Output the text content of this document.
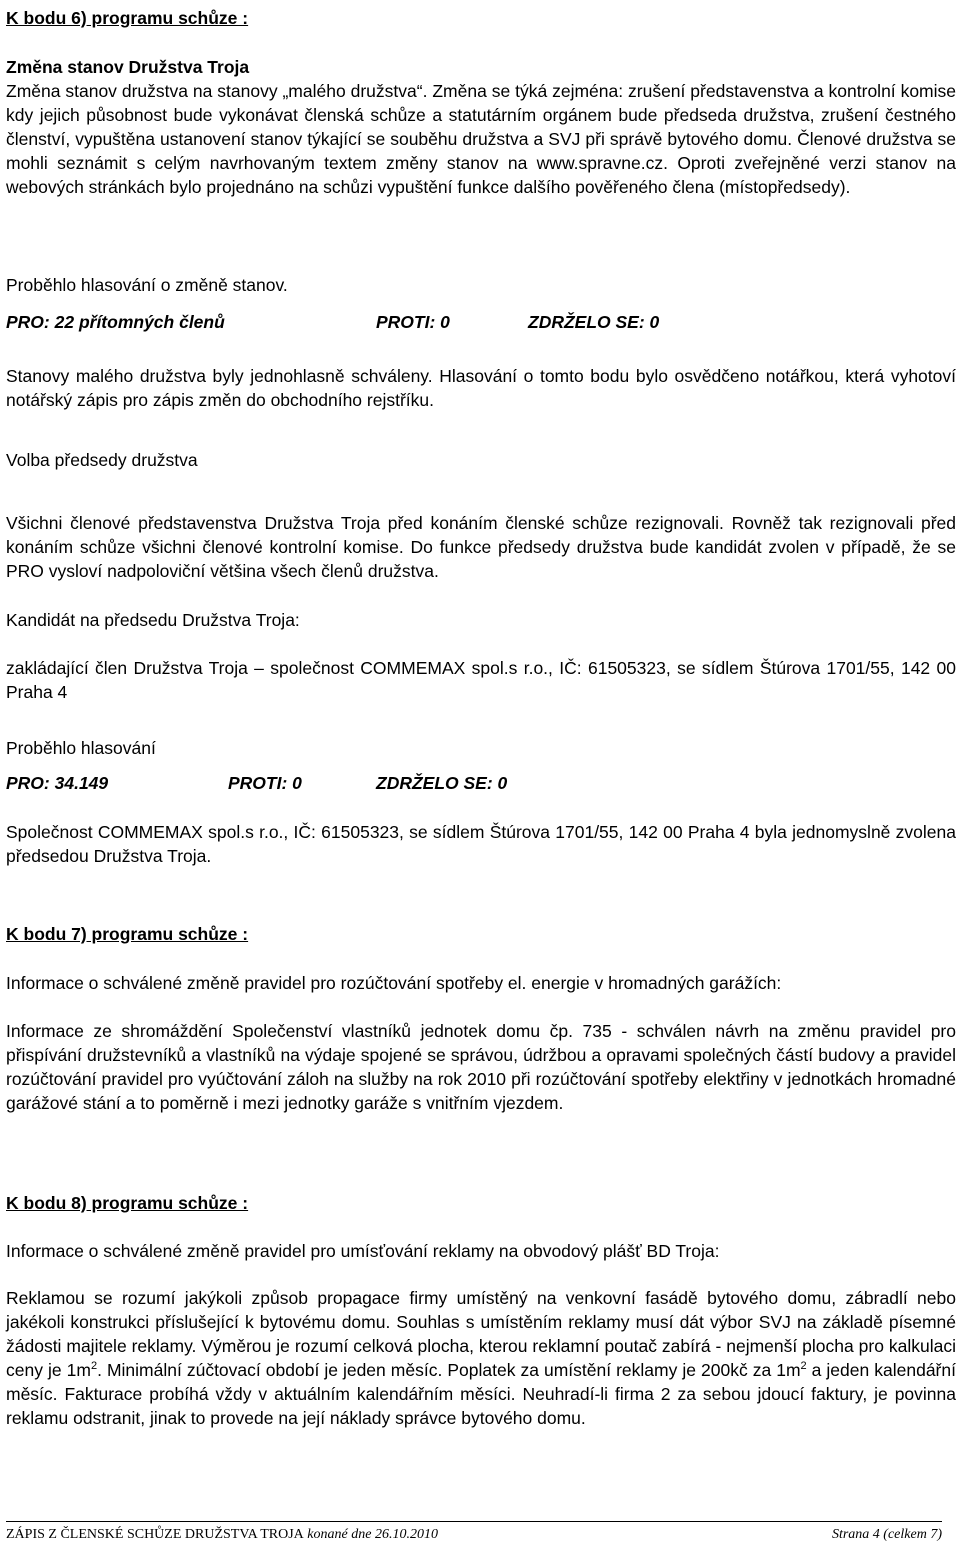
K bodu 6) programu schůze :

Změna stanov Družstva Troja

Změna stanov družstva na stanovy „malého družstva“. Změna se týká zejména: zrušení představenstva a kontrolní komise kdy jejich působnost bude vykonávat členská schůze a statutárním orgánem bude předseda družstva, zrušení čestného členství, vypuštěna ustanovení stanov týkající se souběhu družstva a SVJ při správě bytového domu. Členové družstva se mohli seznámit s celým navrhovaným textem změny stanov na www.spravne.cz. Oproti zveřejněné verzi stanov na webových stránkách bylo projednáno na schůzi vypuštění funkce dalšího pověřeného člena (místopředsedy).

Proběhlo hlasování o změně stanov.

PRO: 22 přítomných členů	PROTI: 0	ZDRŽELO SE: 0

Stanovy malého družstva byly jednohlasně schváleny. Hlasování o tomto bodu bylo osvědčeno notářkou, která vyhotoví notářský zápis pro zápis změn do obchodního rejstříku.

Volba předsedy družstva

Všichni členové představenstva Družstva Troja před konáním členské schůze rezignovali. Rovněž tak rezignovali před konáním schůze všichni členové kontrolní komise. Do funkce předsedy družstva bude kandidát zvolen v případě, že se PRO vysloví nadpoloviční většina všech členů družstva.

Kandidát na předsedu Družstva Troja:

zakládající člen Družstva Troja – společnost COMMEMAX spol.s r.o., IČ: 61505323, se sídlem Štúrova 1701/55, 142 00 Praha 4

Proběhlo hlasování

PRO: 34.149	PROTI: 0	ZDRŽELO SE: 0

Společnost COMMEMAX spol.s r.o., IČ: 61505323, se sídlem Štúrova 1701/55, 142 00 Praha 4 byla jednomyslně zvolena předsedou Družstva Troja.

K bodu 7) programu schůze :

Informace o schválené změně pravidel pro rozúčtování spotřeby el. energie v hromadných garážích:

Informace ze shromáždění Společenství vlastníků jednotek domu čp. 735 - schválen návrh na změnu pravidel pro přispívání družstevníků a vlastníků na výdaje spojené se správou, údržbou a opravami společných částí budovy a pravidel rozúčtování pravidel pro vyúčtování záloh na služby na rok 2010 při rozúčtování spotřeby elektřiny v jednotkách hromadné garážové stání a to poměrně i mezi jednotky garáže s vnitřním vjezdem.

K bodu 8) programu schůze :

Informace o schválené změně pravidel pro umísťování reklamy na obvodový plášť BD Troja:

Reklamou se rozumí jakýkoli způsob propagace firmy umístěný na venkovní fasádě bytového domu, zábradlí nebo jakékoli konstrukci příslušející k bytovému domu. Souhlas s umístěním reklamy musí dát výbor SVJ na základě písemné žádosti majitele reklamy. Výměrou je rozumí celková plocha, kterou reklamní poutač zabírá - nejmenší plocha pro kalkulaci ceny je $1m^2$. Minimální zúčtovací období je jeden měsíc. Poplatek za umístění reklamy je 200kč za $1m^2$ a jeden kalendářní měsíc. Fakturace probíhá vždy v aktuálním kalendářním měsíci. Neuhradí-li firma 2 za sebou jdoucí faktury, je povinna reklamu odstranit, jinak to provede na její náklady správce bytového domu.

ZÁPIS Z ČLENSKÉ SCHŮZE DRUŽSTVA TROJA konané dne 26.10.2010	Strana 4 (celkem 7)
